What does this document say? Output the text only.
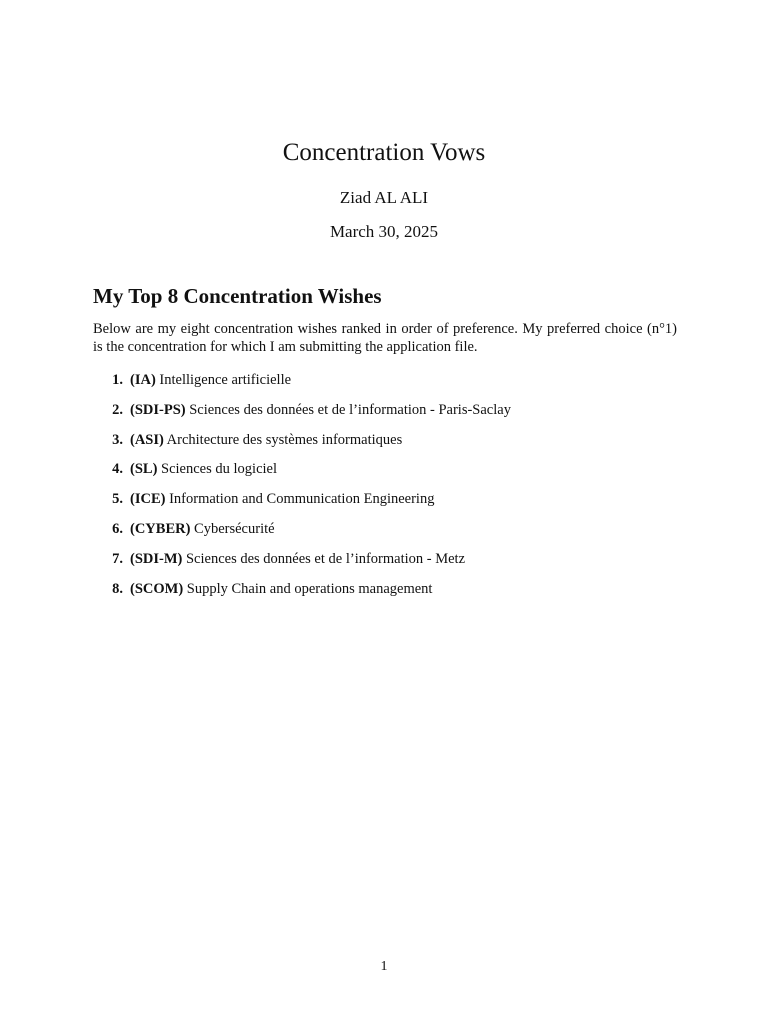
Concentration Vows
Ziad AL ALI
March 30, 2025
My Top 8 Concentration Wishes

Below are my eight concentration wishes ranked in order of preference. My preferred choice (n°1) is the concentration for which I am submitting the application file.

1. (IA) Intelligence artificielle
2. (SDI-PS) Sciences des données et de l’information - Paris-Saclay
3. (ASI) Architecture des systèmes informatiques
4. (SL) Sciences du logiciel
5. (ICE) Information and Communication Engineering
6. (CYBER) Cybersécurité
7. (SDI-M) Sciences des données et de l’information - Metz
8. (SCOM) Supply Chain and operations management
1
